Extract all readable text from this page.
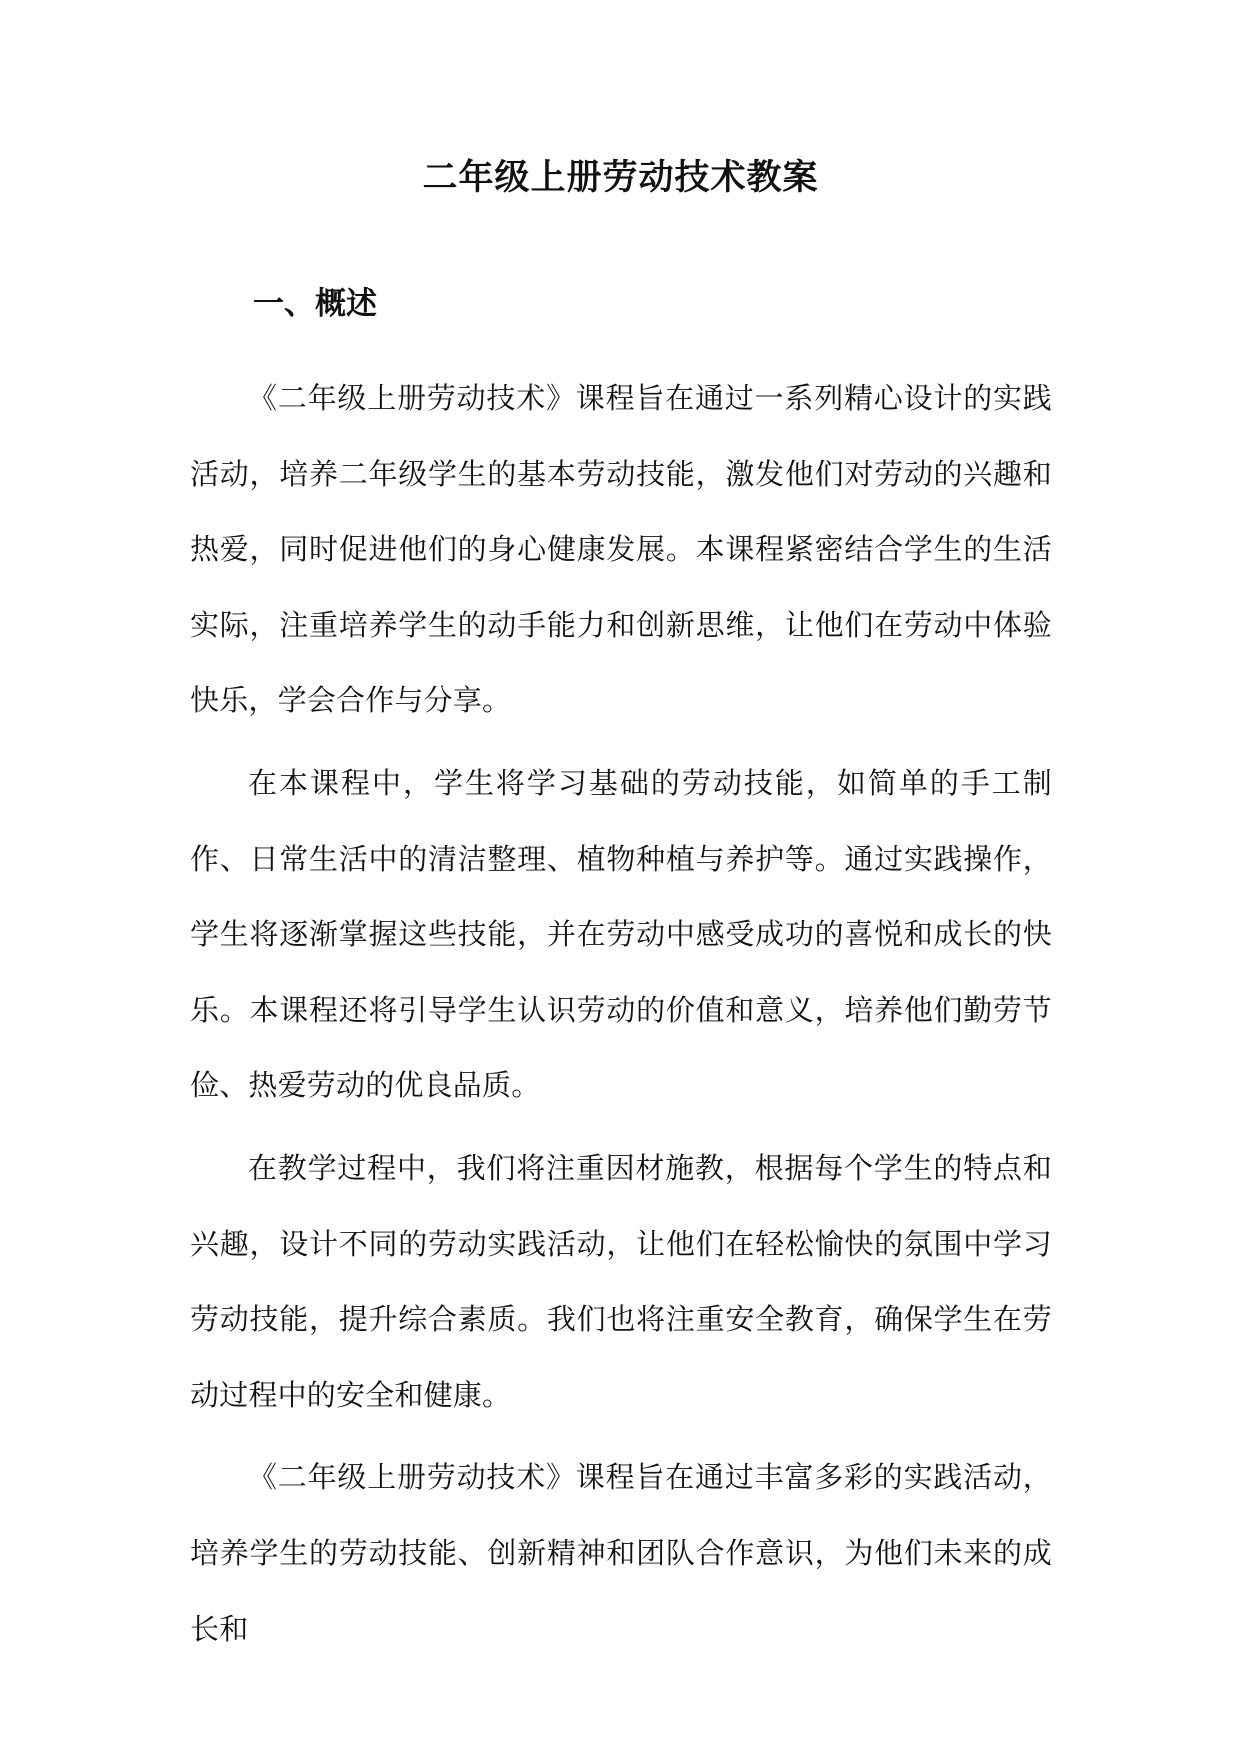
二年级上册劳动技术教案
一、概述

《二年级上册劳动技术》课程旨在通过一系列精心设计的实践活动，培养二年级学生的基本劳动技能，激发他们对劳动的兴趣和热爱，同时促进他们的身心健康发展。本课程紧密结合学生的生活实际，注重培养学生的动手能力和创新思维，让他们在劳动中体验快乐，学会合作与分享。

在本课程中，学生将学习基础的劳动技能，如简单的手工制作、日常生活中的清洁整理、植物种植与养护等。通过实践操作，学生将逐渐掌握这些技能，并在劳动中感受成功的喜悦和成长的快乐。本课程还将引导学生认识劳动的价值和意义，培养他们勤劳节俭、热爱劳动的优良品质。

在教学过程中，我们将注重因材施教，根据每个学生的特点和兴趣，设计不同的劳动实践活动，让他们在轻松愉快的氛围中学习劳动技能，提升综合素质。我们也将注重安全教育，确保学生在劳动过程中的安全和健康。

《二年级上册劳动技术》课程旨在通过丰富多彩的实践活动，培养学生的劳动技能、创新精神和团队合作意识，为他们未来的成长和
